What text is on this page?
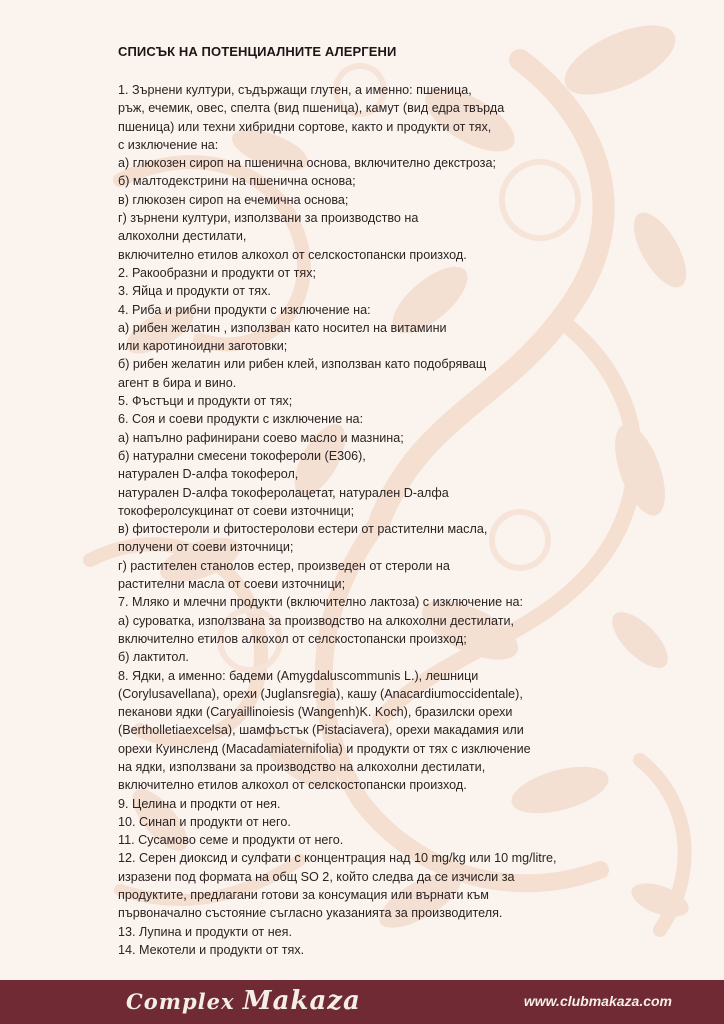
СПИСЪК НА ПОТЕНЦИАЛНИТЕ АЛЕРГЕНИ
1. Зърнени култури, съдържащи глутен, а именно: пшеница,
ръж, ечемик, овес, спелта (вид пшеница), камут (вид едра твърда
пшеница) или техни хибридни сортове, както и продукти от тях,
с изключение на:
а) глюкозен сироп на пшенична основа, включително декстроза;
б) малтодекстрини на пшенична основа;
в) глюкозен сироп на ечемична основа;
г) зърнени култури, използвани за производство на
алкохолни дестилати,
включително етилов алкохол от селскостопански произход.
2. Ракообразни и продукти от тях;
3. Яйца и продукти от тях.
4. Риба и рибни продукти с изключение на:
а) рибен желатин , използван като носител на витамини
или каротиноидни заготовки;
б) рибен желатин или рибен клей, използван като подобряващ
агент в бира и вино.
5. Фъстъци и продукти от тях;
6. Соя и соеви продукти с изключение на:
а) напълно рафинирани соево масло и мазнина;
б) натурални смесени токофероли (Е306),
натурален D-алфа токоферол,
натурален D-алфа токоферолацетат, натурален D-алфа
токоферолсукцинат от соеви източници;
в) фитостероли и фитостеролови естери от растителни масла,
получени от соеви източници;
г) растителен станолов естер, произведен от стероли на
растителни масла от соеви източници;
7. Мляко и млечни продукти (включително лактоза) с изключение на:
а) суроватка, използвана за производство на алкохолни дестилати,
включително етилов алкохол от селскостопански произход;
б) лактитол.
8. Ядки, а именно: бадеми (Amygdaluscommunis L.), лешници
(Corylusavellana), орехи (Juglansregia), кашу (Anacardiumoccidentale),
пеканови ядки (Caryaillinoiesis (Wangenh)K. Koch), бразилски орехи
(Bertholletiaexcelsa), шамфъстък (Pistaciavera), орехи макадамия или
орехи Куинсленд (Macadamiaternifolia) и продукти от тях с изключение
на ядки, използвани за производство на алкохолни дестилати,
включително етилов алкохол от селскостопански произход.
9. Целина и продкти от нея.
10. Синап и продукти от него.
11. Сусамово семе и продукти от него.
12. Серен диоксид и сулфати с концентрация над 10 mg/kg или 10 mg/litre,
изразени под формата на общ SO 2, който следва да се изчисли за
продуктите, предлагани готови за консумация или върнати към
първоначално състояние съгласно указанията за производителя.
13. Лупина и продукти от нея.
14. Мекотели и продукти от тях.
Complex Makaza	www.clubmakaza.com
